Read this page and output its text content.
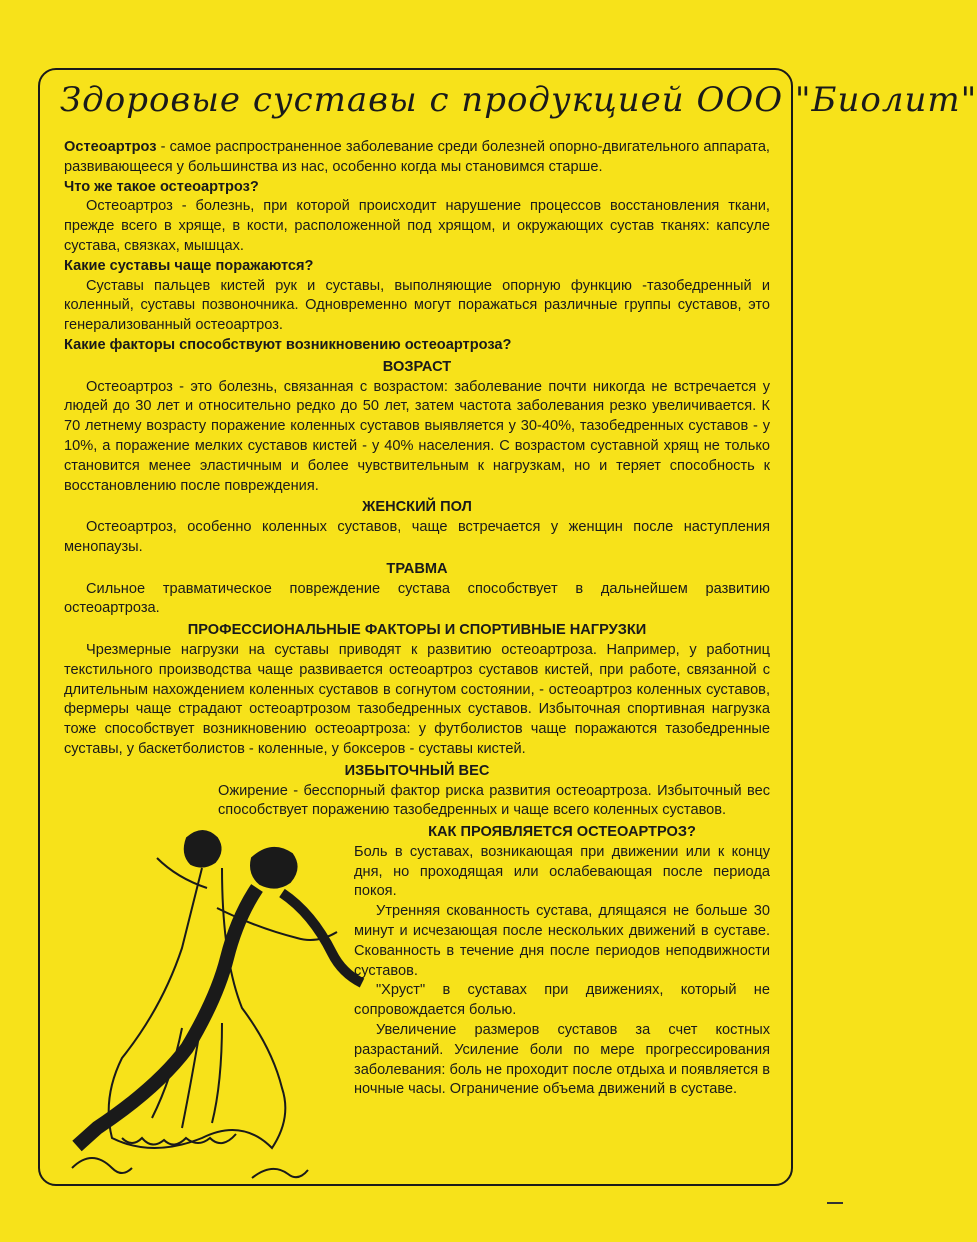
Здоровые суставы с продукцией ООО "Биолит"

Остеоартроз - самое распространенное заболевание среди болезней опорно-двигательного аппарата, развивающееся у большинства из нас, особенно когда мы становимся старше.

Что же такое остеоартроз?

Остеоартроз - болезнь, при которой происходит нарушение процессов восстановления ткани, прежде всего в хряще, в кости, расположенной под хрящом, и окружающих сустав тканях: капсуле сустава, связках, мышцах.

Какие суставы чаще поражаются?

Суставы пальцев кистей рук и суставы, выполняющие опорную функцию -тазобедренный и коленный, суставы позвоночника. Одновременно могут поражаться различные группы суставов, это генерализованный остеоартроз.

Какие факторы способствуют возникновению остеоартроза?

ВОЗРАСТ

Остеоартроз - это болезнь, связанная с возрастом: заболевание почти никогда не встречается у людей до 30 лет и относительно редко до 50 лет, затем частота заболевания резко увеличивается. К 70 летнему возрасту поражение коленных суставов выявляется у 30-40%, тазобедренных суставов - у 10%, а поражение мелких суставов кистей - у 40% населения. С возрастом суставной хрящ не только становится менее эластичным и более чувствительным к нагрузкам, но и теряет способность к восстановлению после повреждения.

ЖЕНСКИЙ ПОЛ

Остеоартроз, особенно коленных суставов, чаще встречается у женщин после наступления менопаузы.

ТРАВМА

Сильное травматическое повреждение сустава способствует в дальнейшем развитию остеоартроза.

ПРОФЕССИОНАЛЬНЫЕ ФАКТОРЫ И СПОРТИВНЫЕ НАГРУЗКИ

Чрезмерные нагрузки на суставы приводят к развитию остеоартроза. Например, у работниц текстильного производства чаще развивается остеоартроз суставов кистей, при работе, связанной с длительным нахождением коленных суставов в согнутом состоянии, - остеоартроз коленных суставов, фермеры чаще страдают остеоартрозом тазобедренных суставов. Избыточная спортивная нагрузка тоже способствует возникновению остеоартроза: у футболистов чаще поражаются тазобедренные суставы, у баскетболистов - коленные, у боксеров - суставы кистей.

ИЗБЫТОЧНЫЙ ВЕС

Ожирение - бесспорный фактор риска развития остеоартроза. Избыточный вес способствует поражению тазобедренных и чаще всего коленных суставов.

КАК ПРОЯВЛЯЕТСЯ ОСТЕОАРТРОЗ?

Боль в суставах, возникающая при движении или к концу дня, но проходящая или ослабевающая после периода покоя.

Утренняя скованность сустава, длящаяся не больше 30 минут и исчезающая после нескольких движений в суставе. Скованность в течение дня после периодов неподвижности суставов.

"Хруст" в суставах при движениях, который не сопровождается болью.

Увеличение размеров суставов за счет костных разрастаний. Усиление боли по мере прогрессирования заболевания: боль не проходит после отдыха и появляется в ночные часы. Ограничение объема движений в суставе.
